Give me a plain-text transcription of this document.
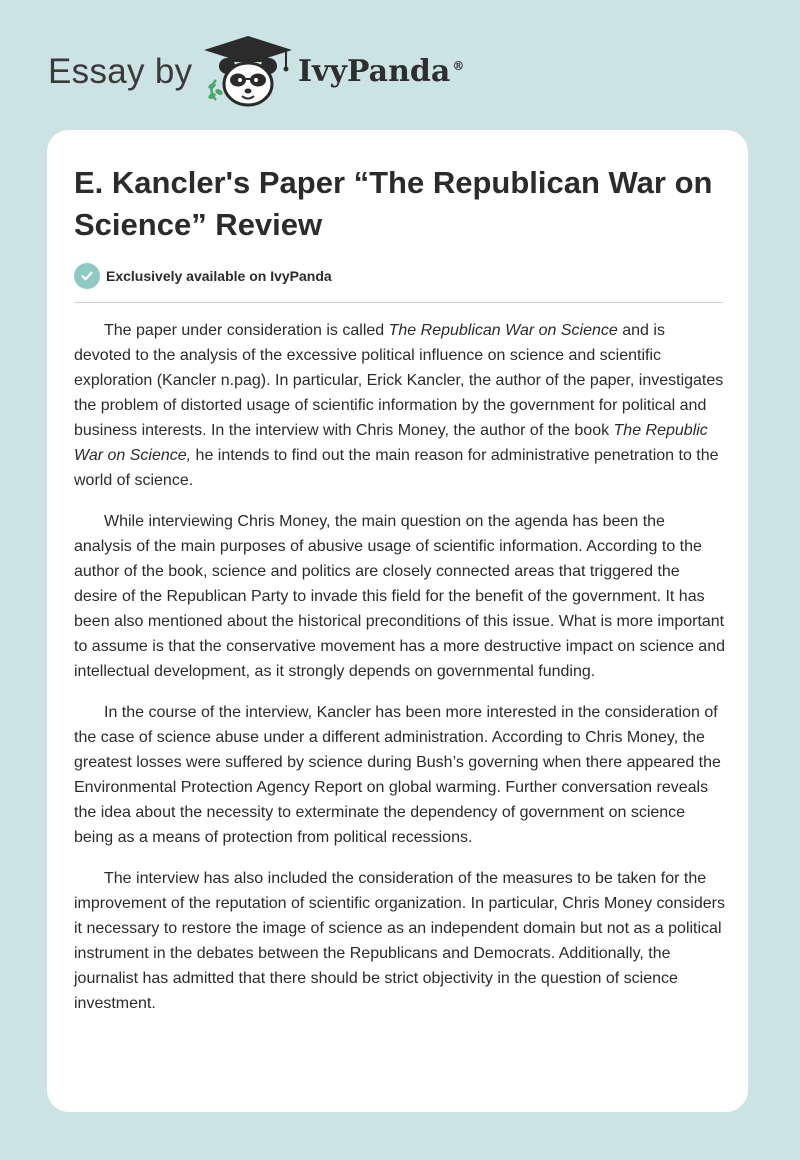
Essay by	IvyPanda ®
E. Kancler's Paper “The Republican War on Science” Review
Exclusively available on IvyPanda

The paper under consideration is called The Republican War on Science and is devoted to the analysis of the excessive political influence on science and scientific exploration (Kancler n.pag). In particular, Erick Kancler, the author of the paper, investigates the problem of distorted usage of scientific information by the government for political and business interests. In the interview with Chris Money, the author of the book The Republic War on Science, he intends to find out the main reason for administrative penetration to the world of science.

While interviewing Chris Money, the main question on the agenda has been the analysis of the main purposes of abusive usage of scientific information. According to the author of the book, science and politics are closely connected areas that triggered the desire of the Republican Party to invade this field for the benefit of the government. It has been also mentioned about the historical preconditions of this issue. What is more important to assume is that the conservative movement has a more destructive impact on science and intellectual development, as it strongly depends on governmental funding.

In the course of the interview, Kancler has been more interested in the consideration of the case of science abuse under a different administration. According to Chris Money, the greatest losses were suffered by science during Bush’s governing when there appeared the Environmental Protection Agency Report on global warming. Further conversation reveals the idea about the necessity to exterminate the dependency of government on science being as a means of protection from political recessions.

The interview has also included the consideration of the measures to be taken for the improvement of the reputation of scientific organization. In particular, Chris Money considers it necessary to restore the image of science as an independent domain but not as a political instrument in the debates between the Republicans and Democrats. Additionally, the journalist has admitted that there should be strict objectivity in the question of science investment.
